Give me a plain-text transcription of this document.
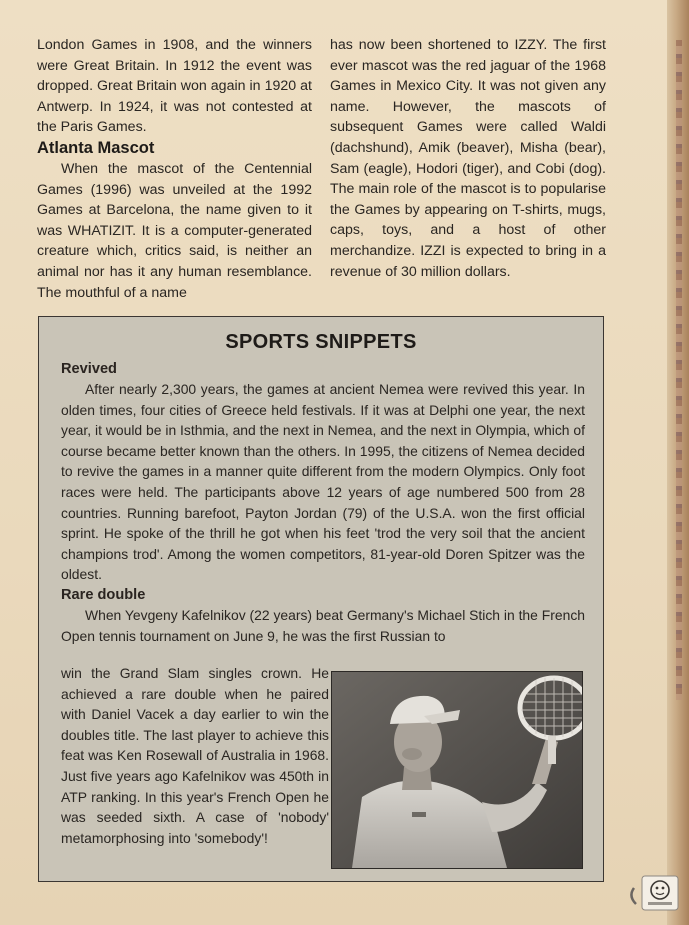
London Games in 1908, and the winners were Great Britain. In 1912 the event was dropped. Great Britain won again in 1920 at Antwerp. In 1924, it was not contested at the Paris Games.

Atlanta Mascot

When the mascot of the Centennial Games (1996) was unveiled at the 1992 Games at Barcelona, the name given to it was WHATIZIT. It is a computer-generated creature which, critics said, is neither an animal nor has it any human resemblance. The mouthful of a name

has now been shortened to IZZY. The first ever mascot was the red jaguar of the 1968 Games in Mexico City. It was not given any name. However, the mascots of subsequent Games were called Waldi (dachshund), Amik (beaver), Misha (bear), Sam (eagle), Hodori (tiger), and Cobi (dog). The main role of the mascot is to popularise the Games by appearing on T-shirts, mugs, caps, toys, and a host of other merchandize. IZZI is expected to bring in a revenue of 30 million dollars.

SPORTS SNIPPETS
Revived

After nearly 2,300 years, the games at ancient Nemea were revived this year. In olden times, four cities of Greece held festivals. If it was at Delphi one year, the next year, it would be in Isthmia, and the next in Nemea, and the next in Olympia, which of course became better known than the others. In 1995, the citizens of Nemea decided to revive the games in a manner quite different from the modern Olympics. Only foot races were held. The participants above 12 years of age numbered 500 from 28 countries. Running barefoot, Payton Jordan (79) of the U.S.A. won the first official sprint. He spoke of the thrill he got when his feet 'trod the very soil that the ancient champions trod'. Among the women competitors, 81-year-old Doren Spitzer was the oldest.

Rare double

When Yevgeny Kafelnikov (22 years) beat Germany's Michael Stich in the French Open tennis tournament on June 9, he was the first Russian to

win the Grand Slam singles crown. He achieved a rare double when he paired with Daniel Vacek a day earlier to win the doubles title. The last player to achieve this feat was Ken Rosewall of Australia in 1968. Just five years ago Kafelnikov was 450th in ATP ranking. In this year's French Open he was seeded sixth. A case of 'nobody' metamorphosing into 'somebody'!
